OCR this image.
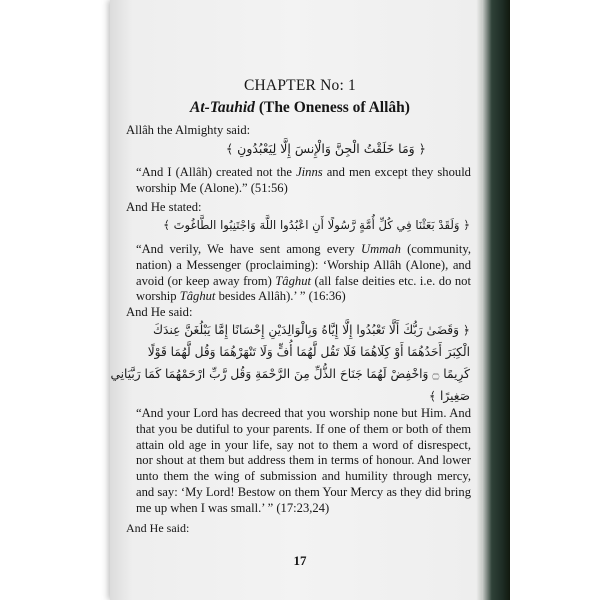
CHAPTER No: 1
At-Tauhid (The Oneness of Allâh)
Allâh the Almighty said:
﴿ وَمَا خَلَقْتُ الْجِنَّ وَالْإِنسَ إِلَّا لِيَعْبُدُونِ ﴾
“And I (Allâh) created not the Jinns and men except they should worship Me (Alone).” (51:56)
And He stated:
﴿ وَلَقَدْ بَعَثْنَا فِي كُلِّ أُمَّةٍ رَّسُولًا أَنِ اعْبُدُوا اللَّهَ وَاجْتَنِبُوا الطَّاغُوتَ ﴾
“And verily, We have sent among every Ummah (community, nation) a Messenger (proclaiming): ‘Worship Allâh (Alone), and avoid (or keep away from) Tâghut (all false deities etc. i.e. do not worship Tâghut besides Allâh).’ ” (16:36)
And He said:
﴿ وَقَضَىٰ رَبُّكَ أَلَّا تَعْبُدُوا إِلَّا إِيَّاهُ وَبِالْوَالِدَيْنِ إِحْسَانًا إِمَّا يَبْلُغَنَّ عِندَكَ
الْكِبَرَ أَحَدُهُمَا أَوْ كِلَاهُمَا فَلَا تَقُل لَّهُمَا أُفٍّ وَلَا تَنْهَرْهُمَا وَقُل لَّهُمَا قَوْلًا
كَرِيمًا ۝ وَاخْفِضْ لَهُمَا جَنَاحَ الذُّلِّ مِنَ الرَّحْمَةِ وَقُل رَّبِّ ارْحَمْهُمَا كَمَا رَبَّيَانِي
صَغِيرًا ﴾
“And your Lord has decreed that you worship none but Him. And that you be dutiful to your parents. If one of them or both of them attain old age in your life, say not to them a word of disrespect, nor shout at them but address them in terms of honour. And lower unto them the wing of submission and humility through mercy, and say: ‘My Lord! Bestow on them Your Mercy as they did bring me up when I was small.’ ” (17:23,24)
And He said:
17
